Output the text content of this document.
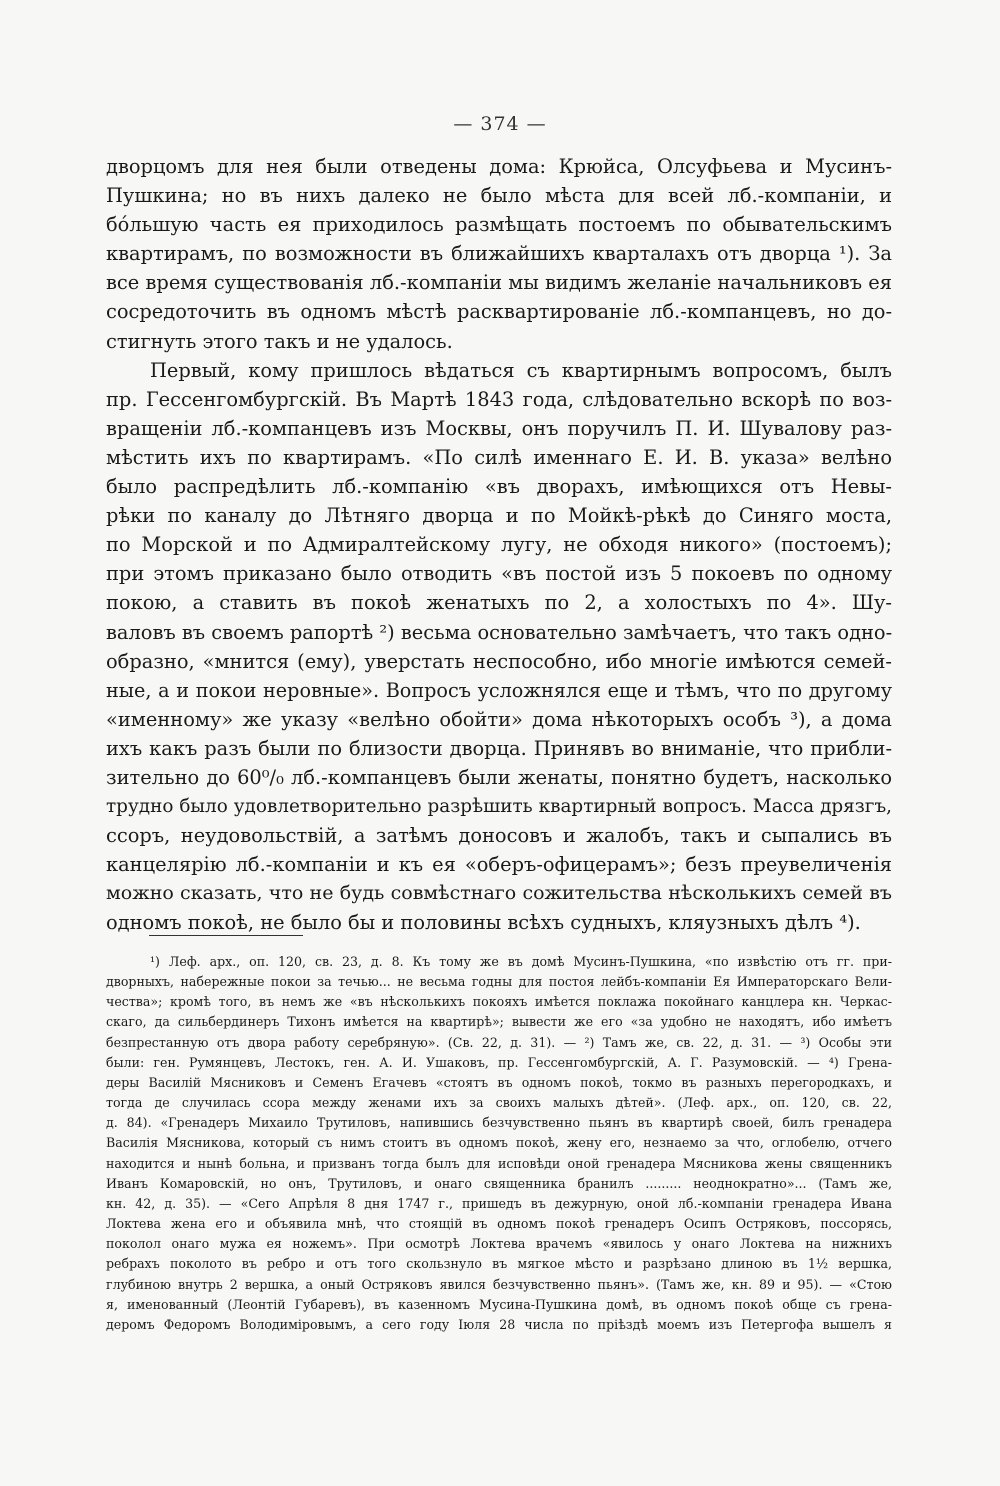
— 374 —

дворцомъ для нея были отведены дома: Крюйса, Олсуфьева и Мусинъ-

Пушкина; но въ нихъ далеко не было мѣста для всей лб.-компаніи, и

бóльшую часть ея приходилось размѣщать постоемъ по обывательскимъ

квартирамъ, по возможности въ ближайшихъ кварталахъ отъ дворца ¹). За

все время существованія лб.-компаніи мы видимъ желаніе начальниковъ ея

сосредоточить въ одномъ мѣстѣ расквартированіе лб.-компанцевъ, но до-

стигнуть этого такъ и не удалось.

Первый, кому пришлось вѣдаться съ квартирнымъ вопросомъ, былъ

пр. Гессенгомбургскій. Въ Мартѣ 1843 года, слѣдовательно вскорѣ по воз-

вращеніи лб.-компанцевъ изъ Москвы, онъ поручилъ П. И. Шувалову раз-

мѣстить ихъ по квартирамъ. «По силѣ именнагo Е. И. В. указа» велѣно

было распредѣлить лб.-компанію «въ дворахъ, имѣющихся отъ Невы-

рѣки по каналу до Лѣтняго дворца и по Мойкѣ-рѣкѣ до Синяго моста,

по Морской и по Адмиралтейскому лугу, не обходя никого» (постоемъ);

при этомъ приказано было отводить «въ постой изъ 5 покоевъ по одному

покою, а ставить въ покоѣ женатыхъ по 2, а холостыхъ по 4». Шу-

валовъ въ своемъ рапортѣ ²) весьма основательно замѣчаетъ, что такъ одно-

образно, «мнится (ему), уверстать неспособно, ибо многіе имѣются семей-

ные, а и покои неровные». Вопросъ усложнялся еще и тѣмъ, что по другому

«именному» же указу «велѣно обойти» дома нѣкоторыхъ особъ ³), а дома

ихъ какъ разъ были по близости дворца. Принявъ во вниманіе, что прибли-

зительно до 60⁰/₀ лб.-компанцевъ были женаты, понятно будетъ, насколько

трудно было удовлетворительно разрѣшить квартирный вопросъ. Масса дрязгъ,

ссоръ, неудовольствій, а затѣмъ доносовъ и жалобъ, такъ и сыпались въ

канцелярію лб.-компаніи и къ ея «оберъ-офицерамъ»; безъ преувеличенія

можно сказать, что не будь совмѣстнаго сожительства нѣсколькихъ семей въ

одномъ покоѣ, не было бы и половины всѣхъ судныхъ, кляузныхъ дѣлъ ⁴).

¹) Леф. арх., оп. 120, св. 23, д. 8. Къ тому же въ домѣ Мусинъ-Пушкина, «по извѣстію отъ гг. при-
дворныхъ, набережные покои за течью... не весьма годны для постоя лейбъ-компаніи Ея Императорскаго Вели-
чества»; кромѣ того, въ немъ же «въ нѣсколькихъ покояхъ имѣется поклажа покойнаго канцлера кн. Черкас-
скаго, да сильбердинеръ Тихонъ имѣется на квартирѣ»; вывести же его «за удобно не находятъ, ибо имѣетъ
безпрестанную отъ двора работу серебряную». (Св. 22, д. 31). — ²) Тамъ же, св. 22, д. 31. — ³) Особы эти
были: ген. Румянцевъ, Лестокъ, ген. А. И. Ушаковъ, пр. Гессенгомбургскій, А. Г. Разумовскій. — ⁴) Грена-
деры Василій Мясниковъ и Семенъ Егачевъ «стоятъ въ одномъ покоѣ, токмо въ разныхъ перегородкахъ, и
тогда де случилась ссора между женами ихъ за своихъ малыхъ дѣтей». (Леф. арх., оп. 120, св. 22,
д. 84). «Гренадеръ Михаило Трутиловъ, напившись безчувственно пьянъ въ квартирѣ своей, билъ гренадера
Василія Мясникова, который съ нимъ стоитъ въ одномъ покоѣ, жену его, незнаемо за что, оглобелю, отчего
находится и нынѣ больна, и призванъ тогда былъ для исповѣди оной гренадера Мясникова жены священникъ
Иванъ Комаровскій, но онъ, Трутиловъ, и онаго священника бранилъ ......... неоднократно»... (Тамъ же,
кн. 42, д. 35). — «Сего Апрѣля 8 дня 1747 г., пришедъ въ дежурную, оной лб.-компаніи гренадера Ивана
Локтева жена его и объявила мнѣ, что стоящій въ одномъ покоѣ гренадеръ Осипъ Остряковъ, поссорясь,
поколол онаго мужа ея ножемъ». При осмотрѣ Локтева врачемъ «явилось у онаго Локтева на нижнихъ
ребрахъ поколото въ ребро и отъ того скользнуло въ мягкое мѣсто и разрѣзано длиною въ 1½ вершка,
глубиною внутрь 2 вершка, а оный Остряковъ явился безчувственно пьянъ». (Тамъ же, кн. 89 и 95). — «Стою
я, именованный (Леонтій Губаревъ), въ казенномъ Мусина-Пушкина домѣ, въ одномъ покоѣ обще съ грена-
деромъ Федоромъ Володиміровымъ, а сего году Іюля 28 числа по пріѣздѣ моемъ изъ Петергофа вышелъ я
